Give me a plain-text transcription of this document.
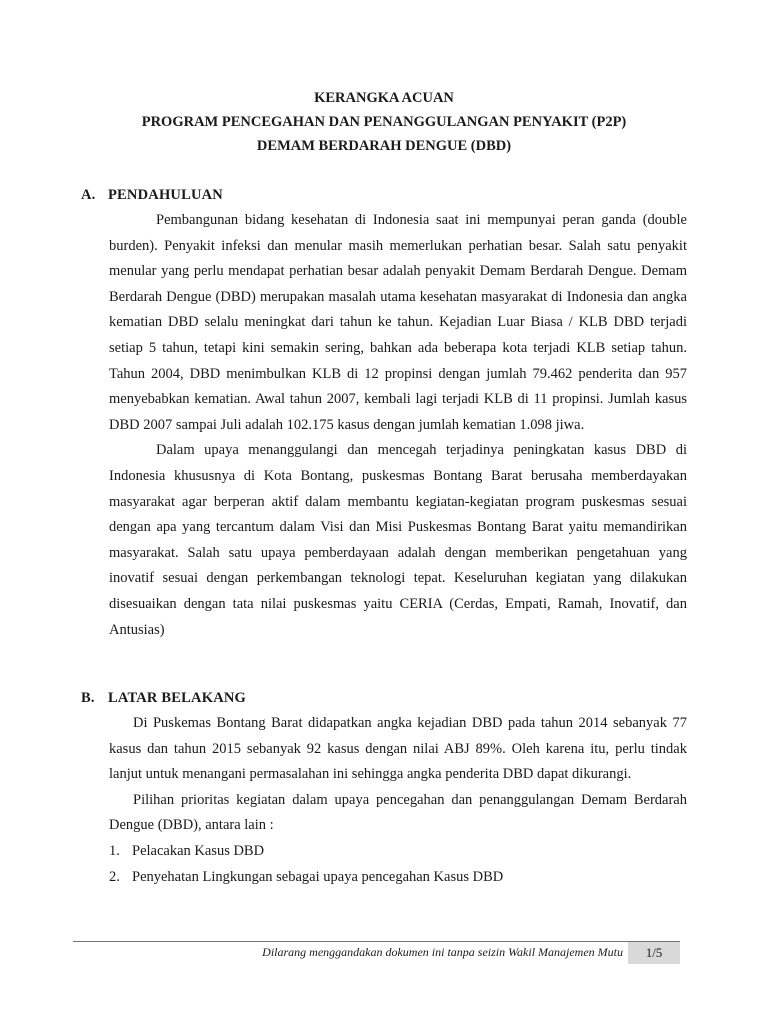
KERANGKA ACUAN
PROGRAM PENCEGAHAN DAN PENANGGULANGAN PENYAKIT (P2P)
DEMAM BERDARAH DENGUE (DBD)
A. PENDAHULUAN

Pembangunan bidang kesehatan di Indonesia saat ini mempunyai peran ganda (double burden). Penyakit infeksi dan menular masih memerlukan perhatian besar. Salah satu penyakit menular yang perlu mendapat perhatian besar adalah penyakit Demam Berdarah Dengue. Demam Berdarah Dengue (DBD) merupakan masalah utama kesehatan masyarakat di Indonesia dan angka kematian DBD selalu meningkat dari tahun ke tahun. Kejadian Luar Biasa / KLB DBD terjadi setiap 5 tahun, tetapi kini semakin sering, bahkan ada beberapa kota terjadi KLB setiap tahun. Tahun 2004, DBD menimbulkan KLB di 12 propinsi dengan jumlah 79.462 penderita dan 957 menyebabkan kematian. Awal tahun 2007, kembali lagi terjadi KLB di 11 propinsi. Jumlah kasus DBD 2007 sampai Juli adalah 102.175 kasus dengan jumlah kematian 1.098 jiwa.

Dalam upaya menanggulangi dan mencegah terjadinya peningkatan kasus DBD di Indonesia khususnya di Kota Bontang, puskesmas Bontang Barat berusaha memberdayakan masyarakat agar berperan aktif dalam membantu kegiatan-kegiatan program puskesmas sesuai dengan apa yang tercantum dalam Visi dan Misi Puskesmas Bontang Barat yaitu memandirikan masyarakat. Salah satu upaya pemberdayaan adalah dengan memberikan pengetahuan yang inovatif sesuai dengan perkembangan teknologi tepat. Keseluruhan kegiatan yang dilakukan disesuaikan dengan tata nilai puskesmas yaitu CERIA (Cerdas, Empati, Ramah, Inovatif, dan Antusias)

B. LATAR BELAKANG

Di Puskemas Bontang Barat didapatkan angka kejadian DBD pada tahun 2014 sebanyak 77 kasus dan tahun 2015 sebanyak 92 kasus dengan nilai ABJ 89%. Oleh karena itu, perlu tindak lanjut untuk menangani permasalahan ini sehingga angka penderita DBD dapat dikurangi.

Pilihan prioritas kegiatan dalam upaya pencegahan dan penanggulangan Demam Berdarah Dengue (DBD), antara lain :

1. Pelacakan Kasus DBD
2. Penyehatan Lingkungan sebagai upaya pencegahan Kasus DBD
Dilarang menggandakan dokumen ini tanpa seizin Wakil Manajemen Mutu	1/5
